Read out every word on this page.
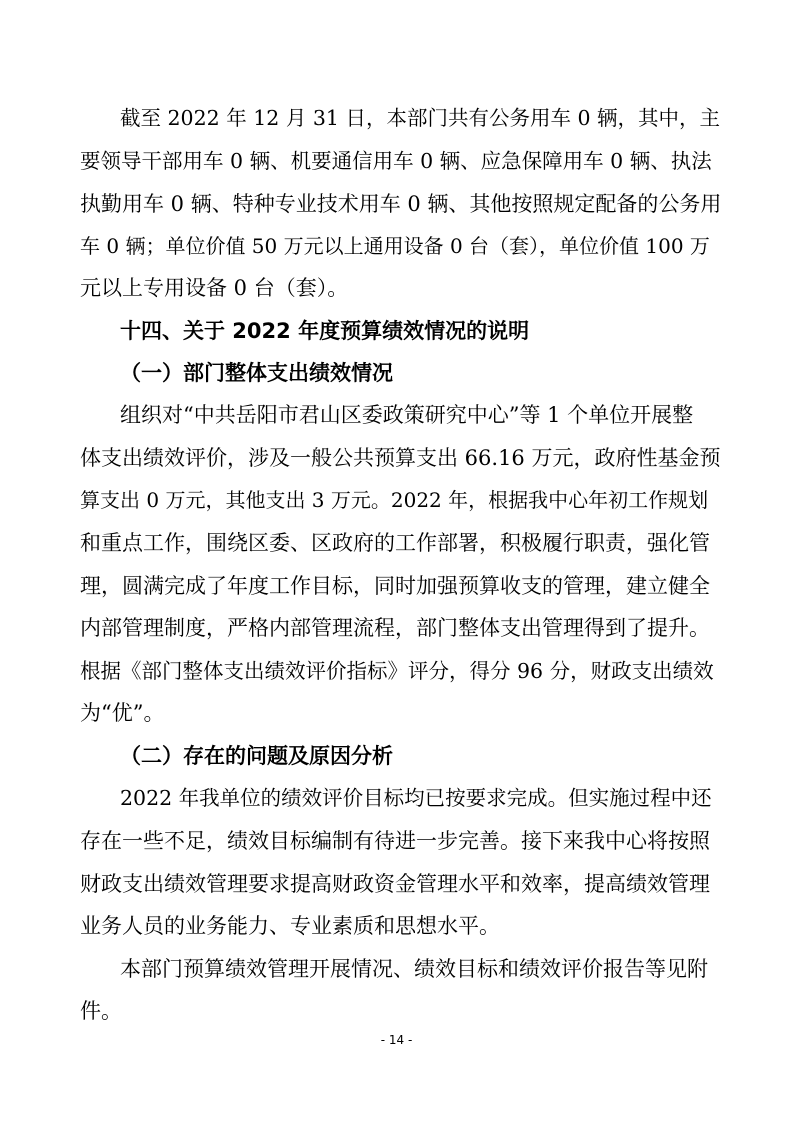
截至 2022 年 12 月 31 日，本部门共有公务用车 0 辆，其中，主
要领导干部用车 0 辆、机要通信用车 0 辆、应急保障用车 0 辆、执法
执勤用车 0 辆、特种专业技术用车 0 辆、其他按照规定配备的公务用
车 0 辆；单位价值 50 万元以上通用设备 0 台（套），单位价值 100 万
元以上专用设备 0 台（套）。
十四、关于 2022 年度预算绩效情况的说明
（一）部门整体支出绩效情况
组织对“中共岳阳市君山区委政策研究中心”等 1 个单位开展整
体支出绩效评价，涉及一般公共预算支出 66.16 万元，政府性基金预
算支出 0 万元，其他支出 3 万元。2022 年，根据我中心年初工作规划
和重点工作，围绕区委、区政府的工作部署，积极履行职责，强化管
理，圆满完成了年度工作目标，同时加强预算收支的管理，建立健全
内部管理制度，严格内部管理流程，部门整体支出管理得到了提升。
根据《部门整体支出绩效评价指标》评分，得分 96 分，财政支出绩效
为“优”。
（二）存在的问题及原因分析
2022 年我单位的绩效评价目标均已按要求完成。但实施过程中还
存在一些不足，绩效目标编制有待进一步完善。接下来我中心将按照
财政支出绩效管理要求提高财政资金管理水平和效率，提高绩效管理
业务人员的业务能力、专业素质和思想水平。
本部门预算绩效管理开展情况、绩效目标和绩效评价报告等见附
件。
- 14 -
